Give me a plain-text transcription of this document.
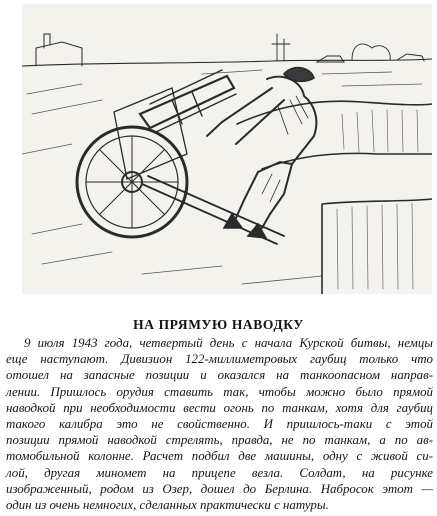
НА ПРЯМУЮ НАВОДКУ
9 июля 1943 года, четвертый день с начала Курской битвы, немцы
еще наступают. Дивизион 122-миллиметровых гаубиц только что
отошел на запасные позиции и оказался на танкоопасном направ-
лении. Пришлось орудия ставить так, чтобы можно было прямой
наводкой при необходимости вести огонь по танкам, хотя для гаубиц
такого калибра это не свойственно. И пришлось-таки с этой
позиции прямой наводкой стрелять, правда, не по танкам, а по ав-
томобильной колонне. Расчет подбил две машины, одну с живой си-
лой, другая миномет на прицепе везла. Солдат, на рисунке
изображенный, родом из Озер, дошел до Берлина. Набросок этот —
один из очень немногих, сделанных практически с натуры.
